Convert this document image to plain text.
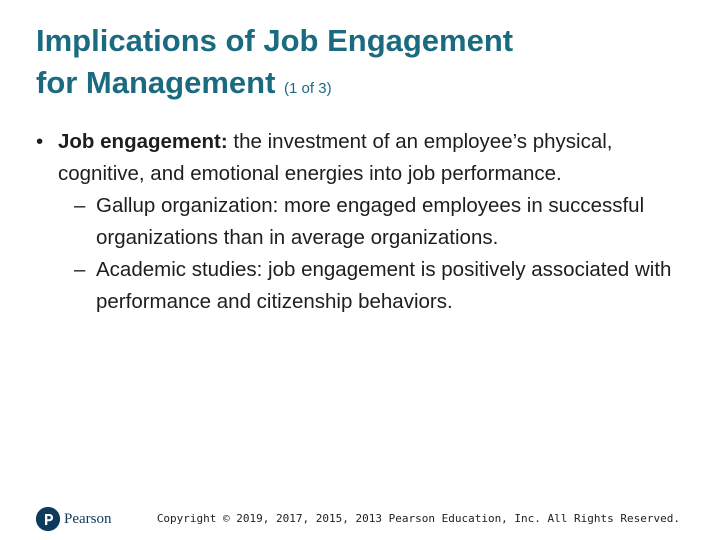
Implications of Job Engagement
for Management (1 of 3)
• Job engagement: the investment of an employee’s physical, cognitive, and emotional energies into job performance.
– Gallup organization: more engaged employees in successful organizations than in average organizations.
– Academic studies: job engagement is positively associated with performance and citizenship behaviors.
Pearson	Copyright © 2019, 2017, 2015, 2013 Pearson Education, Inc. All Rights Reserved.
